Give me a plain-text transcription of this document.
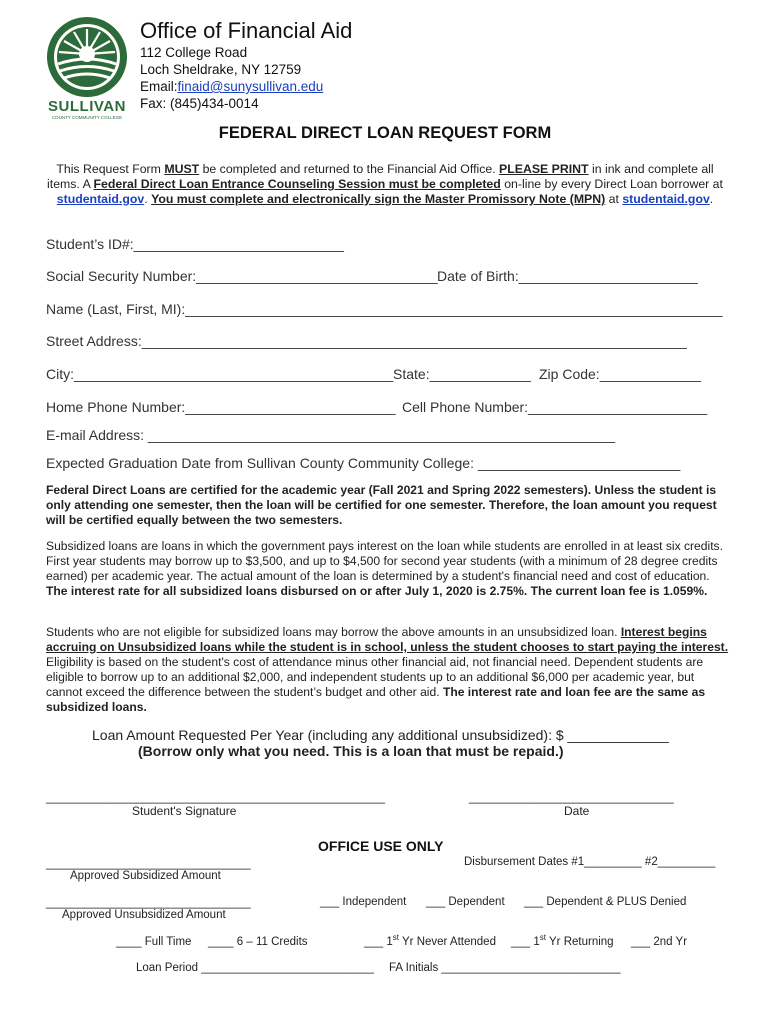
SULLIVAN
COUNTY COMMUNITY COLLEGE
Office of Financial Aid
112 College Road
Loch Sheldrake, NY 12759
Email:finaid@sunysullivan.edu
Fax: (845)434-0014
FEDERAL DIRECT LOAN REQUEST FORM
This Request Form MUST be completed and returned to the Financial Aid Office. PLEASE PRINT in ink and complete all items. A Federal Direct Loan Entrance Counseling Session must be completed on-line by every Direct Loan borrower at studentaid.gov. You must complete and electronically sign the Master Promissory Note (MPN) at studentaid.gov.
Student’s ID#:___________________________
Social Security Number:_______________________________ Date of Birth:_______________________
Name (Last, First, MI):_____________________________________________________________________
Street Address:______________________________________________________________________
City:_________________________________________ State:_____________ Zip Code:_____________
Home Phone Number:___________________________ Cell Phone Number:_______________________
E-mail Address: ____________________________________________________________
Expected Graduation Date from Sullivan County Community College: __________________________
Federal Direct Loans are certified for the academic year (Fall 2021 and Spring 2022 semesters). Unless the student is only attending one semester, then the loan will be certified for one semester. Therefore, the loan amount you request will be certified equally between the two semesters.
Subsidized loans are loans in which the government pays interest on the loan while students are enrolled in at least six credits. First year students may borrow up to $3,500, and up to $4,500 for second year students (with a minimum of 28 degree credits earned) per academic year. The actual amount of the loan is determined by a student's financial need and cost of education. The interest rate for all subsidized loans disbursed on or after July 1, 2020 is 2.75%. The current loan fee is 1.059%.
Students who are not eligible for subsidized loans may borrow the above amounts in an unsubsidized loan. Interest begins accruing on Unsubsidized loans while the student is in school, unless the student chooses to start paying the interest. Eligibility is based on the student's cost of attendance minus other financial aid, not financial need. Dependent students are eligible to borrow up to an additional $2,000, and independent students up to an additional $6,000 per academic year, but cannot exceed the difference between the student’s budget and other aid. The interest rate and loan fee are the same as subsidized loans.
Loan Amount Requested Per Year (including any additional unsubsidized): $ _____________
(Borrow only what you need. This is a loan that must be repaid.)
_____________________________________________________
Student's Signature
________________________________
Date
OFFICE USE ONLY
Disbursement Dates #1_________ #2_________
________________________________
Approved Subsidized Amount
________________________________
Approved Unsubsidized Amount
___ Independent ___ Dependent ___ Dependent & PLUS Denied
____ Full Time ____ 6 – 11 Credits	___ 1st Yr Never Attended ___ 1st Yr Returning ___ 2nd Yr
Loan Period ___________________________ FA Initials ____________________________
